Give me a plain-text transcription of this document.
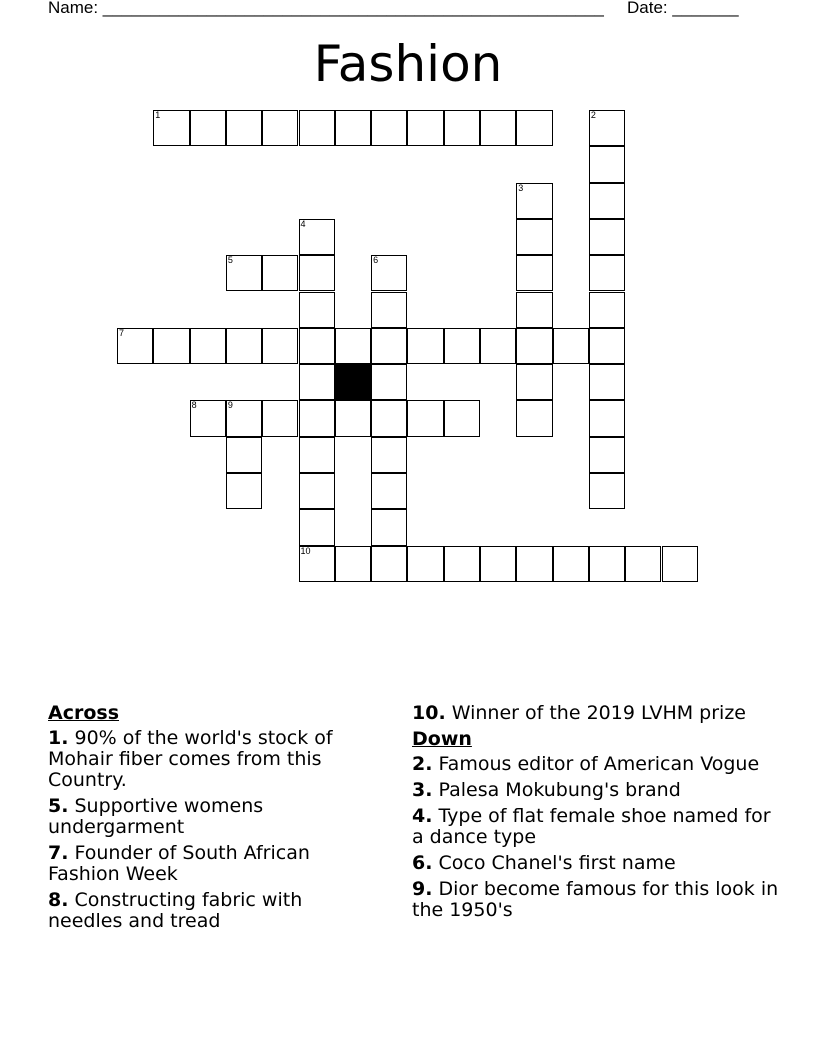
Name: _____________________________________________________ Date: _______
Fashion
1	2
3
4
10
5	6
7
8	9
Across
1. 90% of the world's stock of Mohair fiber comes from this Country.
5. Supportive womens undergarment
7. Founder of South African Fashion Week
8. Constructing fabric with needles and tread
10. Winner of the 2019 LVHM prize
Down
2. Famous editor of American Vogue
3. Palesa Mokubung's brand
4. Type of flat female shoe named for a dance type
6. Coco Chanel's first name
9. Dior become famous for this look in the 1950's
